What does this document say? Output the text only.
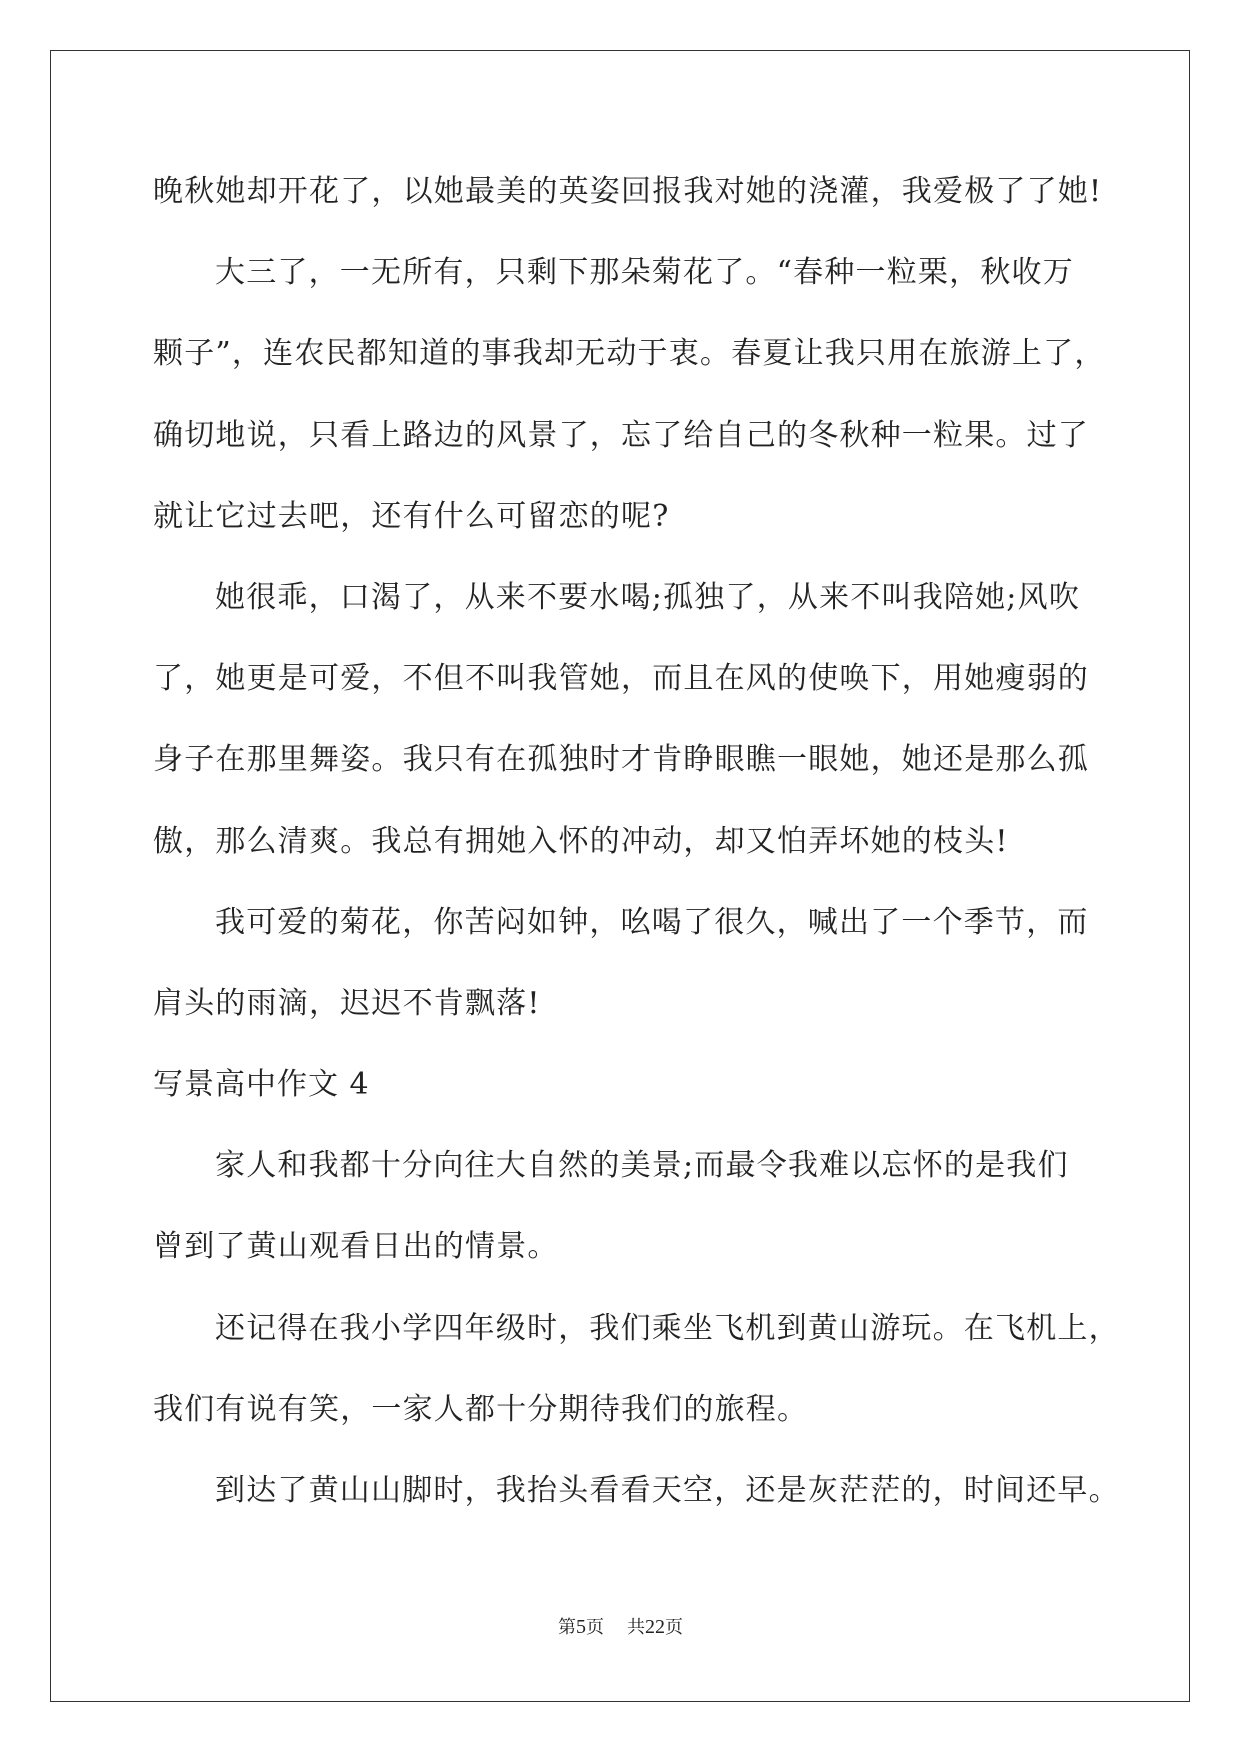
晚秋她却开花了，以她最美的英姿回报我对她的浇灌，我爱极了了她!
大三了，一无所有，只剩下那朵菊花了。“春种一粒栗，秋收万
颗子”，连农民都知道的事我却无动于衷。春夏让我只用在旅游上了，
确切地说，只看上路边的风景了，忘了给自己的冬秋种一粒果。过了
就让它过去吧，还有什么可留恋的呢?
她很乖，口渴了，从来不要水喝;孤独了，从来不叫我陪她;风吹
了，她更是可爱，不但不叫我管她，而且在风的使唤下，用她瘦弱的
身子在那里舞姿。我只有在孤独时才肯睁眼瞧一眼她，她还是那么孤
傲，那么清爽。我总有拥她入怀的冲动，却又怕弄坏她的枝头!
我可爱的菊花，你苦闷如钟，吆喝了很久，喊出了一个季节，而
肩头的雨滴，迟迟不肯飘落!
写景高中作文 4
家人和我都十分向往大自然的美景;而最令我难以忘怀的是我们
曾到了黄山观看日出的情景。
还记得在我小学四年级时，我们乘坐飞机到黄山游玩。在飞机上，
我们有说有笑，一家人都十分期待我们的旅程。
到达了黄山山脚时，我抬头看看天空，还是灰茫茫的，时间还早。
第5页 共22页
